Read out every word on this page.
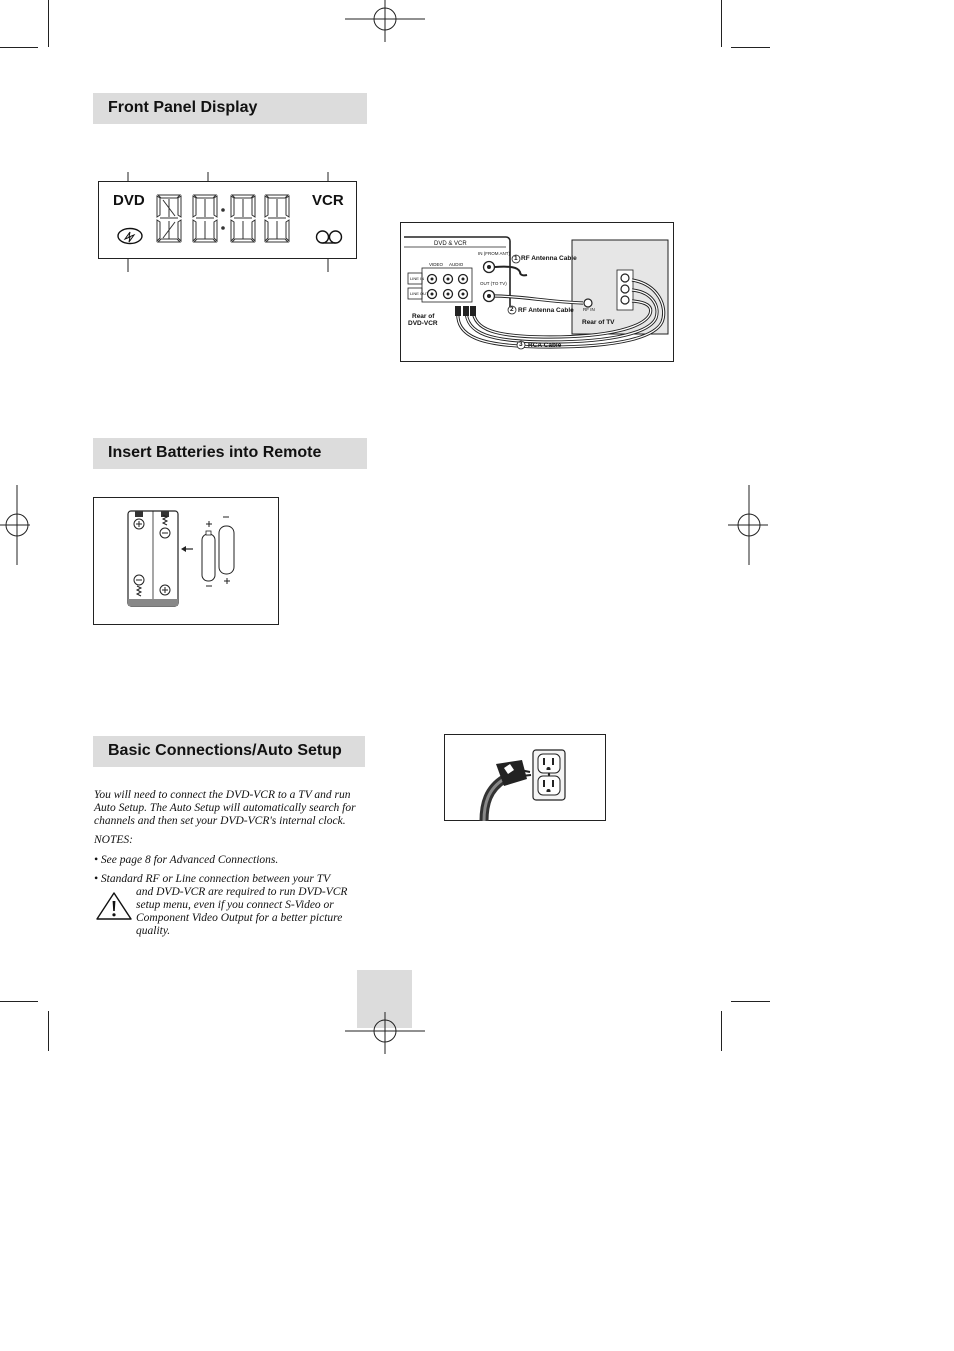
Front Panel Display
DVD	VCR
DVD & VCR
IN (FROM ANT)
OUT (TO TV)
VIDEO AUDIO
LINE IN
LINE OUT
1 RF Antenna Cable
2 RF Antenna Cable RF IN
Rear of TV
Rear of
DVD-VCR
3 RCA Cable
Insert Batteries into Remote
Basic Connections/Auto Setup
You will need to connect the DVD-VCR to a TV and run Auto Setup. The Auto Setup will automatically search for channels and then set your DVD-VCR's internal clock.
NOTES:
• See page 8 for Advanced Connections.
• Standard RF or Line connection between your TV
and DVD-VCR are required to run DVD-VCR setup menu, even if you connect S-Video or Component Video Output for a better picture quality.
